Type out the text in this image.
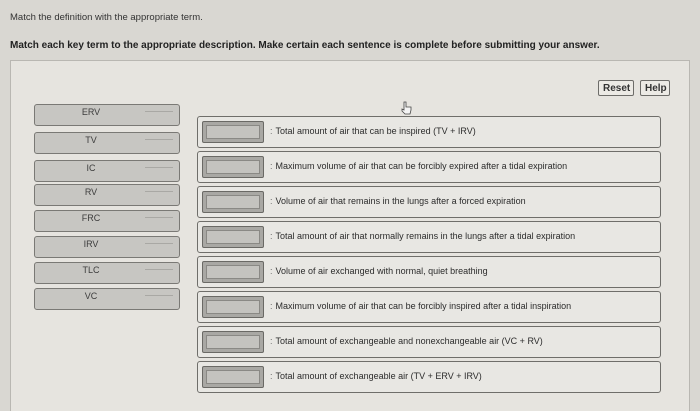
Match the definition with the appropriate term.
Match each key term to the appropriate description. Make certain each sentence is complete before submitting your answer.
Reset	Help
ERV
TV
IC
RV
FRC
IRV
TLC
VC
: Total amount of air that can be inspired (TV + IRV)
: Maximum volume of air that can be forcibly expired after a tidal expiration
: Volume of air that remains in the lungs after a forced expiration
: Total amount of air that normally remains in the lungs after a tidal expiration
: Volume of air exchanged with normal, quiet breathing
: Maximum volume of air that can be forcibly inspired after a tidal inspiration
: Total amount of exchangeable and nonexchangeable air (VC + RV)
: Total amount of exchangeable air (TV + ERV + IRV)
